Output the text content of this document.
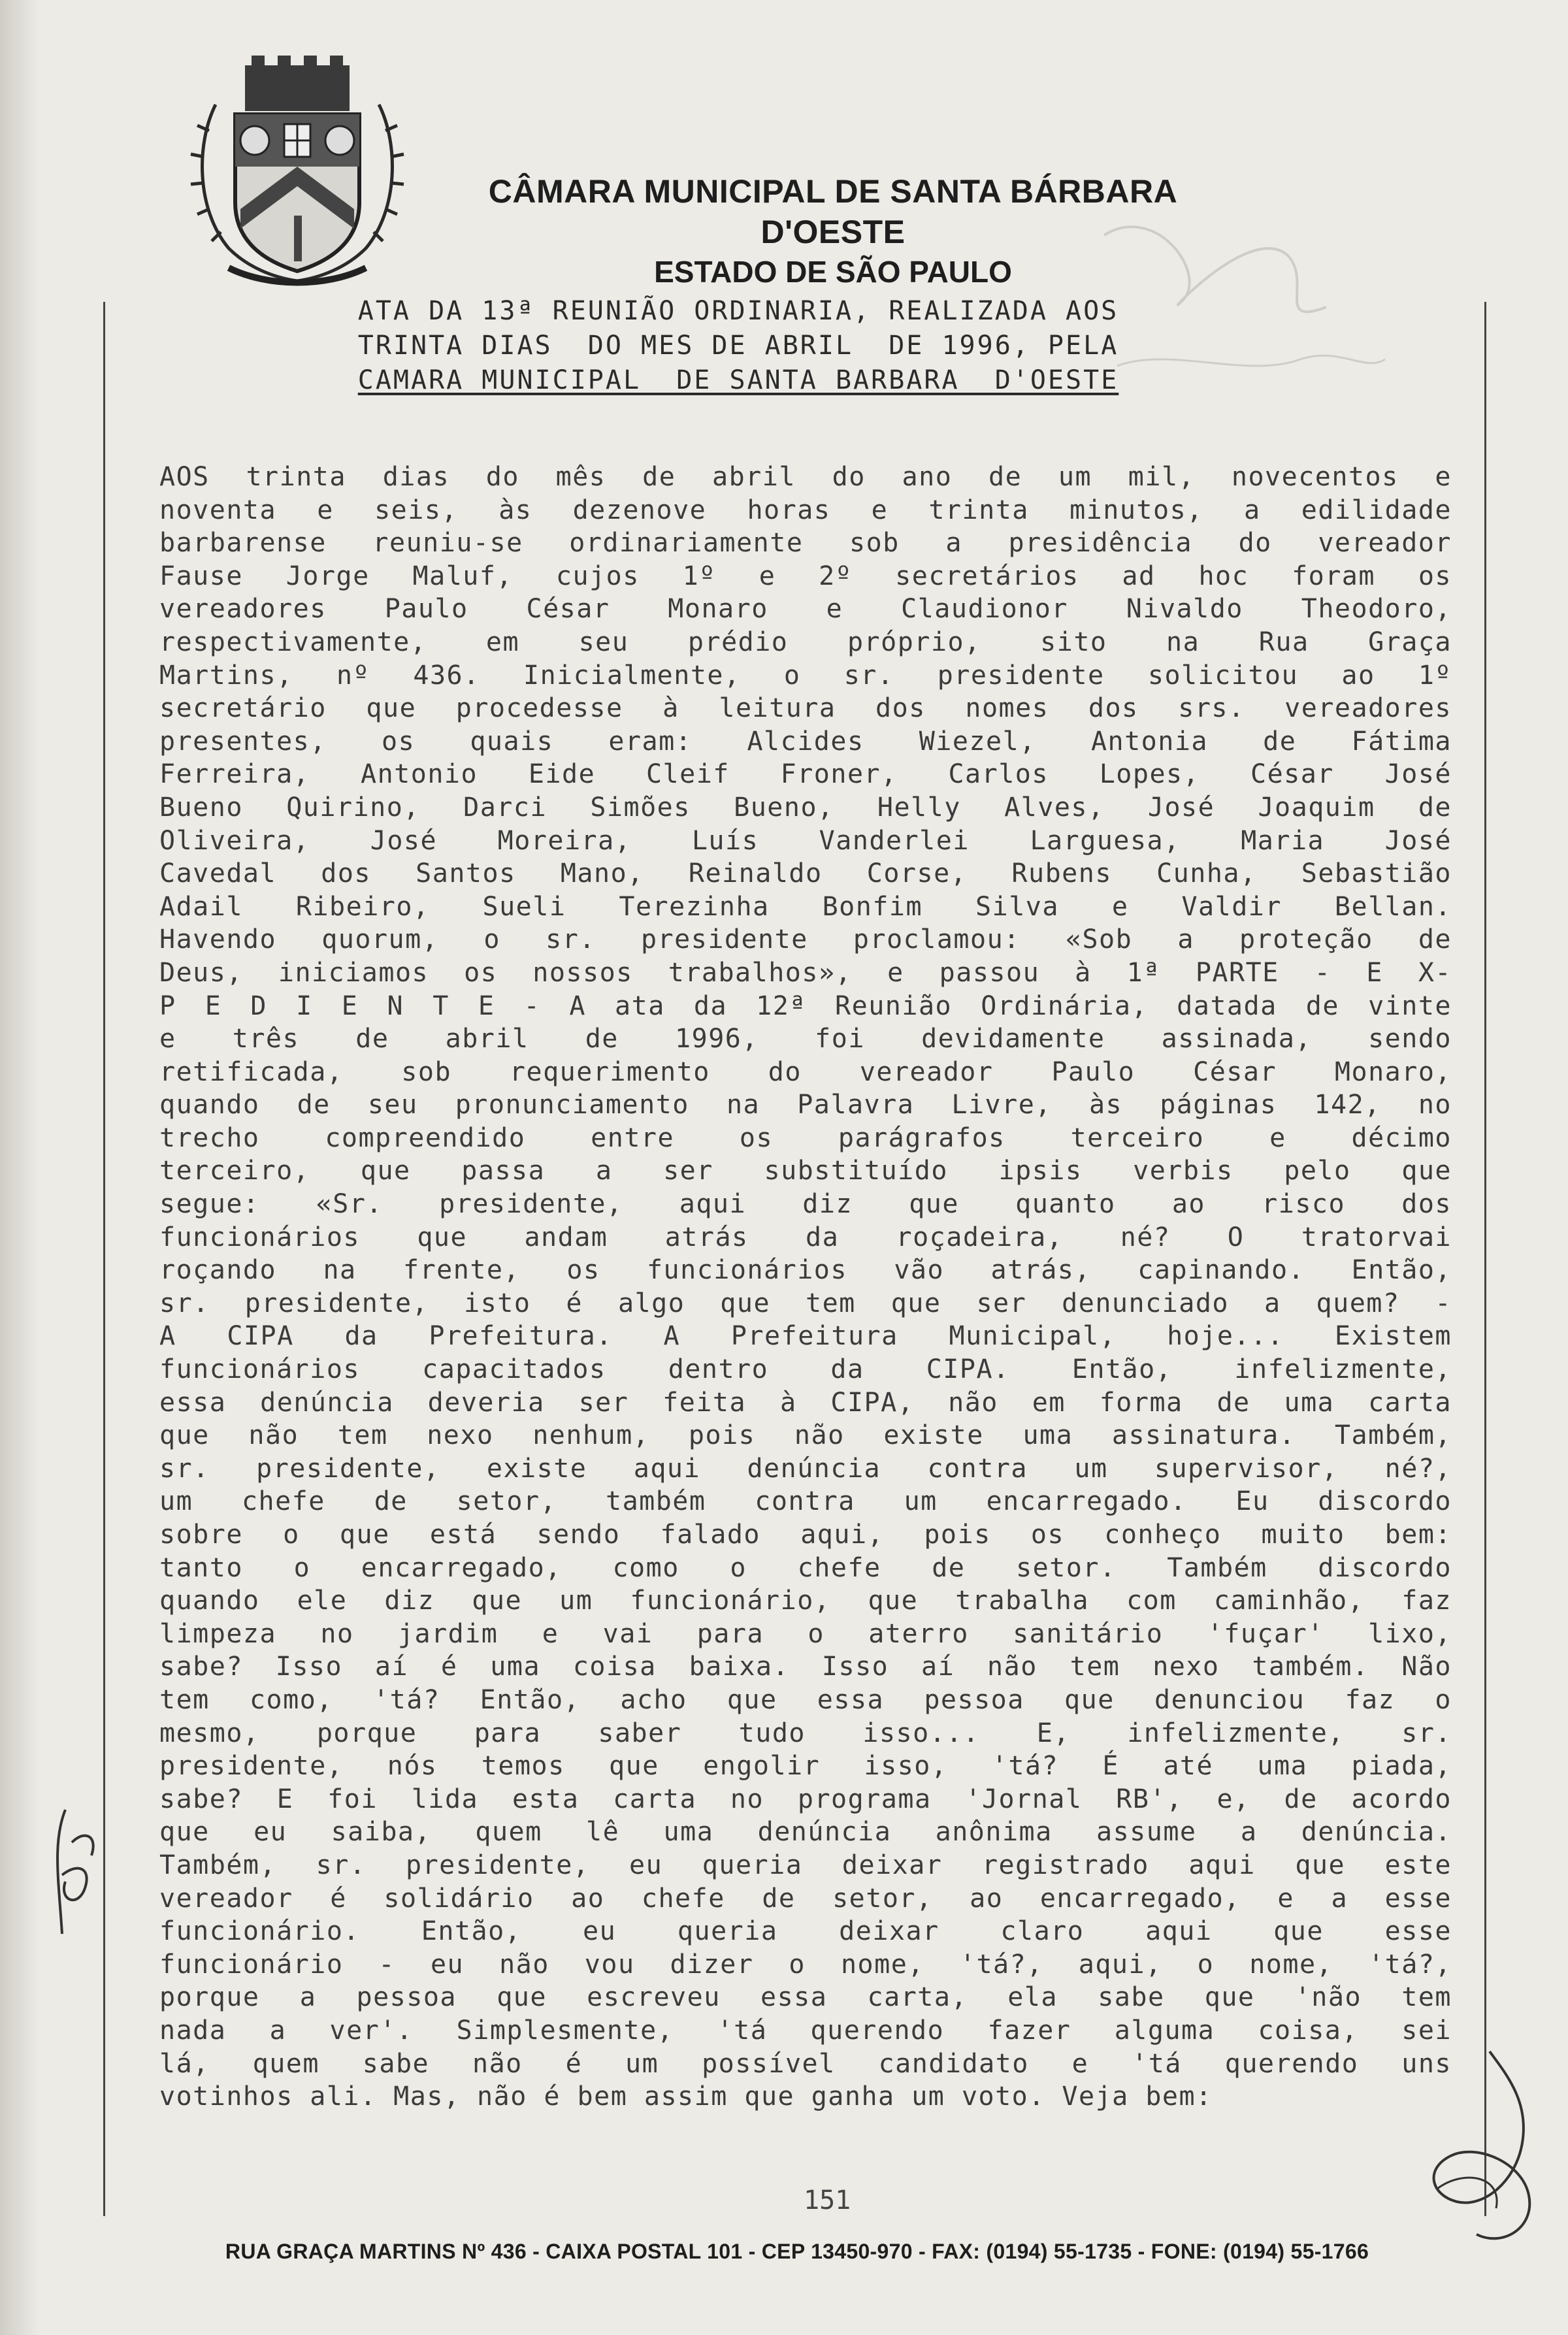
CÂMARA MUNICIPAL DE SANTA BÁRBARA D'OESTE
ESTADO DE SÃO PAULO
ATA DA 13ª REUNIÃO ORDINARIA, REALIZADA AOS
TRINTA DIAS  DO MES DE ABRIL  DE 1996, PELA
CAMARA MUNICIPAL  DE SANTA BARBARA  D'OESTE
AOS trinta dias do mês de abril do ano de um mil, novecentos e
noventa e seis, às dezenove horas e trinta minutos, a edilidade
barbarense reuniu-se ordinariamente sob a presidência do vereador
Fause Jorge Maluf, cujos 1º e 2º secretários ad hoc foram os
vereadores Paulo César Monaro e Claudionor Nivaldo Theodoro,
respectivamente, em seu prédio próprio, sito na Rua Graça
Martins, nº 436. Inicialmente, o sr. presidente solicitou ao 1º
secretário que procedesse à leitura dos nomes dos srs. vereadores
presentes, os quais eram: Alcides Wiezel, Antonia de Fátima
Ferreira, Antonio Eide Cleif Froner, Carlos Lopes, César José
Bueno Quirino, Darci Simões Bueno, Helly Alves, José Joaquim de
Oliveira, José Moreira, Luís Vanderlei Larguesa, Maria José
Cavedal dos Santos Mano, Reinaldo Corse, Rubens Cunha, Sebastião
Adail Ribeiro, Sueli Terezinha Bonfim Silva e Valdir Bellan.
Havendo quorum, o sr. presidente proclamou: «Sob a proteção de
Deus, iniciamos os nossos trabalhos», e passou à 1ª PARTE - E X-
P E D I E N T E - A ata da 12ª Reunião Ordinária, datada de vinte
e três de abril de 1996, foi devidamente assinada, sendo
retificada, sob requerimento do vereador Paulo César Monaro,
quando de seu pronunciamento na Palavra Livre, às páginas 142, no
trecho compreendido entre os parágrafos terceiro e décimo
terceiro, que passa a ser substituído ipsis verbis pelo que
segue: «Sr. presidente, aqui diz que quanto ao risco dos
funcionários que andam atrás da roçadeira, né? O tratorvai
roçando na frente, os funcionários vão atrás, capinando. Então,
sr. presidente, isto é algo que tem que ser denunciado a quem? -
A CIPA da Prefeitura. A Prefeitura Municipal, hoje... Existem
funcionários capacitados dentro da CIPA. Então, infelizmente,
essa denúncia deveria ser feita à CIPA, não em forma de uma carta
que não tem nexo nenhum, pois não existe uma assinatura. Também,
sr. presidente, existe aqui denúncia contra um supervisor, né?,
um chefe de setor, também contra um encarregado. Eu discordo
sobre o que está sendo falado aqui, pois os conheço muito bem:
tanto o encarregado, como o chefe de setor. Também discordo
quando ele diz que um funcionário, que trabalha com caminhão, faz
limpeza no jardim e vai para o aterro sanitário 'fuçar' lixo,
sabe? Isso aí é uma coisa baixa. Isso aí não tem nexo também. Não
tem como, 'tá? Então, acho que essa pessoa que denunciou faz o
mesmo, porque para saber tudo isso... E, infelizmente, sr.
presidente, nós temos que engolir isso, 'tá? É até uma piada,
sabe? E foi lida esta carta no programa 'Jornal RB', e, de acordo
que eu saiba, quem lê uma denúncia anônima assume a denúncia.
Também, sr. presidente, eu queria deixar registrado aqui que este
vereador é solidário ao chefe de setor, ao encarregado, e a esse
funcionário. Então, eu queria deixar claro aqui que esse
funcionário - eu não vou dizer o nome, 'tá?, aqui, o nome, 'tá?,
porque a pessoa que escreveu essa carta, ela sabe que 'não tem
nada a ver'. Simplesmente, 'tá querendo fazer alguma coisa, sei
lá, quem sabe não é um possível candidato e 'tá querendo uns
votinhos ali. Mas, não é bem assim que ganha um voto. Veja bem:
151
RUA GRAÇA MARTINS Nº 436 - CAIXA POSTAL 101 - CEP 13450-970 - FAX: (0194) 55-1735 - FONE: (0194) 55-1766
